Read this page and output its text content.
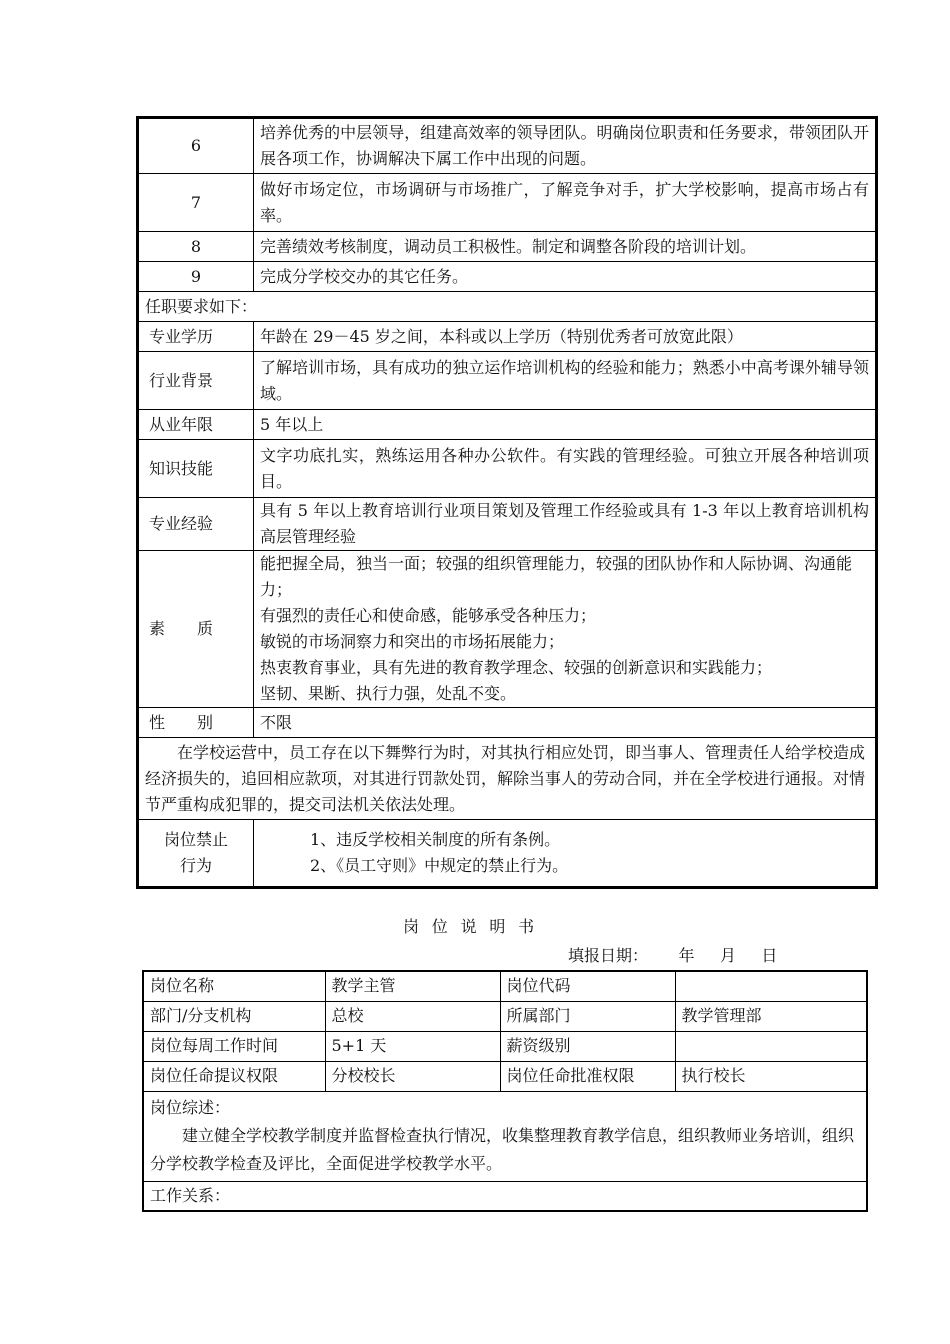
6	培养优秀的中层领导，组建高效率的领导团队。明确岗位职责和任务要求，带领团队开展各项工作，协调解决下属工作中出现的问题。
7	做好市场定位，市场调研与市场推广，了解竞争对手，扩大学校影响，提高市场占有率。
8	完善绩效考核制度，调动员工积极性。制定和调整各阶段的培训计划。
9	完成分学校交办的其它任务。
任职要求如下：	
专业学历	年龄在 29－45 岁之间，本科或以上学历（特别优秀者可放宽此限）
行业背景	了解培训市场，具有成功的独立运作培训机构的经验和能力；熟悉小中高考课外辅导领域。
从业年限	5 年以上
知识技能	文字功底扎实，熟练运用各种办公软件。有实践的管理经验。可独立开展各种培训项目。
专业经验	具有 5 年以上教育培训行业项目策划及管理工作经验或具有 1-3 年以上教育培训机构高层管理经验
素　　质	能把握全局，独当一面；较强的组织管理能力，较强的团队协作和人际协调、沟通能力；
有强烈的责任心和使命感，能够承受各种压力；
敏锐的市场洞察力和突出的市场拓展能力；
热衷教育事业，具有先进的教育教学理念、较强的创新意识和实践能力；
坚韧、果断、执行力强，处乱不变。

性　　别	不限

在学校运营中，员工存在以下舞弊行为时，对其执行相应处罚，即当事人、管理责任人给学校造成经济损失的，追回相应款项，对其进行罚款处罚，解除当事人的劳动合同，并在全学校进行通报。对情节严重构成犯罪的，提交司法机关依法处理。	

岗位禁止行为	1、违反学校相关制度的所有条例。
2、《员工守则》中规定的禁止行为。
岗位说明书
填报日期：      年     月     日
岗位名称	教学主管	岗位代码	
部门/分支机构	总校	所属部门	教学管理部
岗位每周工作时间	5+1 天	薪资级别	
岗位任命提议权限	分校校长	岗位任命批准权限	执行校长

岗位综述：
建立健全学校教学制度并监督检查执行情况，收集整理教育教学信息，组织教师业务培训，组织分学校教学检查及评比，全面促进学校教学水平。			

工作关系：			
